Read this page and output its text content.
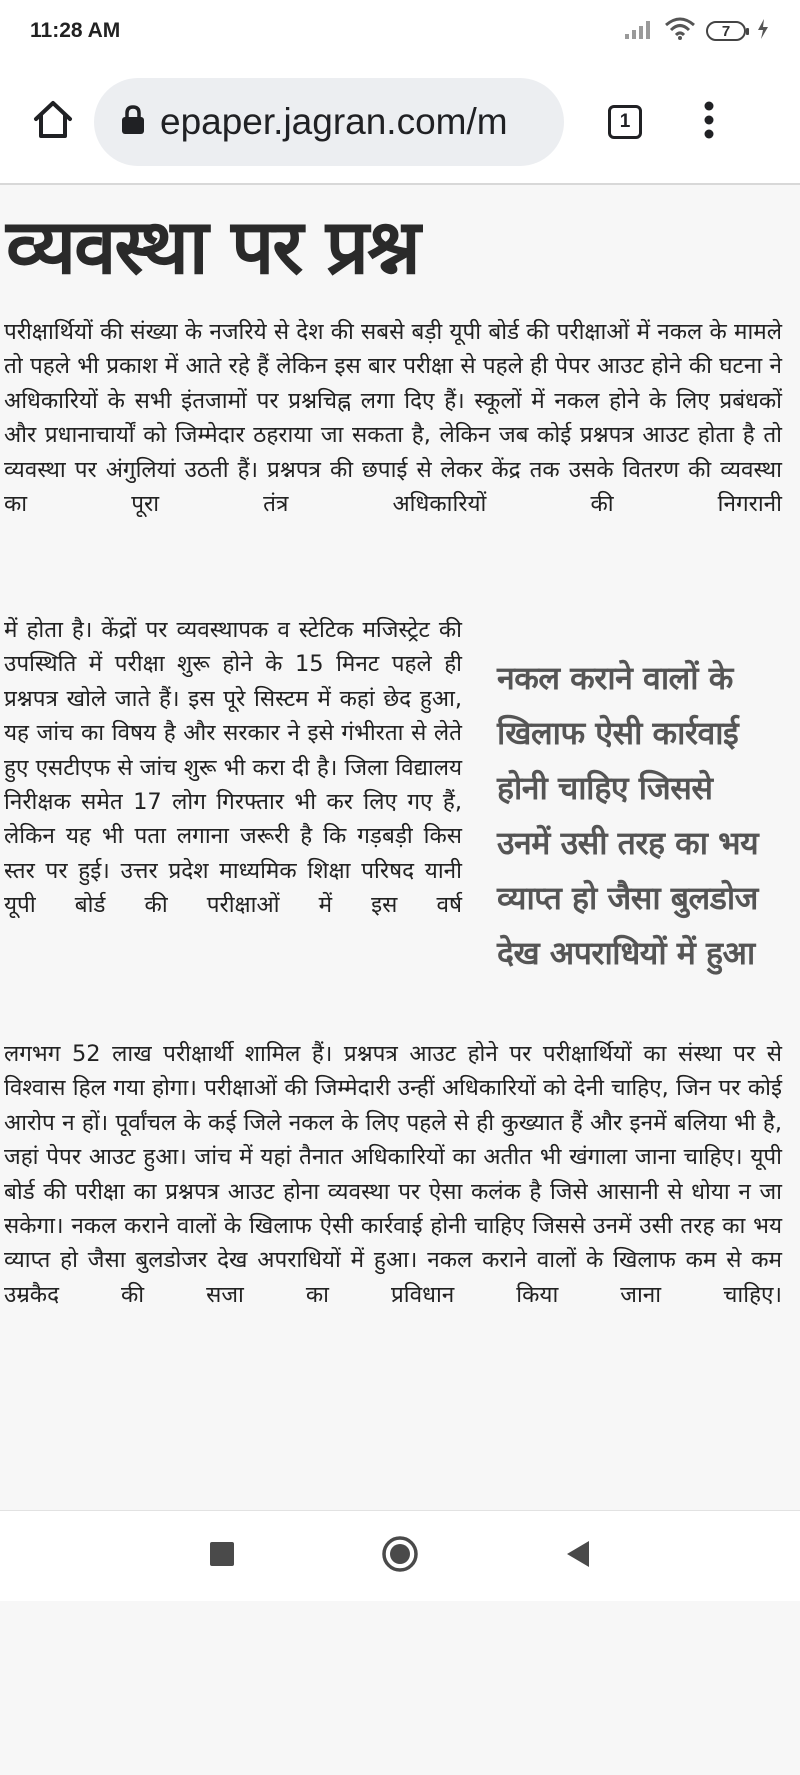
11:28 AM	7
epaper.jagran.com/m	1
व्यवस्था पर प्रश्न
परीक्षार्थियों की संख्या के नजरिये से देश की सबसे बड़ी यूपी बोर्ड की परीक्षाओं में नकल के मामले तो पहले भी प्रकाश में आते रहे हैं लेकिन इस बार परीक्षा से पहले ही पेपर आउट होने की घटना ने अधिकारियों के सभी इंतजामों पर प्रश्नचिह्न लगा दिए हैं। स्कूलों में नकल होने के लिए प्रबंधकों और प्रधानाचार्यों को जिम्मेदार ठहराया जा सकता है, लेकिन जब कोई प्रश्नपत्र आउट होता है तो व्यवस्था पर अंगुलियां उठती हैं। प्रश्नपत्र की छपाई से लेकर केंद्र तक उसके वितरण की व्यवस्था का पूरा तंत्र अधिकारियों की निगरानी
में होता है। केंद्रों पर व्यवस्थापक व स्टेटिक मजिस्ट्रेट की उपस्थिति में परीक्षा शुरू होने के 15 मिनट पहले ही प्रश्नपत्र खोले जाते हैं। इस पूरे सिस्टम में कहां छेद हुआ, यह जांच का विषय है और सरकार ने इसे गंभीरता से लेते हुए एसटीएफ से जांच शुरू भी करा दी है। जिला विद्यालय निरीक्षक समेत 17 लोग गिरफ्तार भी कर लिए गए हैं, लेकिन यह भी पता लगाना जरूरी है कि गड़बड़ी किस स्तर पर हुई। उत्तर प्रदेश माध्यमिक शिक्षा परिषद यानी यूपी बोर्ड की परीक्षाओं में इस वर्ष
नकल कराने वालों के
खिलाफ ऐसी कार्रवाई
होनी चाहिए जिससे
उनमें उसी तरह का भय
व्याप्त हो जैसा बुलडोज
देख अपराधियों में हुआ
लगभग 52 लाख परीक्षार्थी शामिल हैं। प्रश्नपत्र आउट होने पर परीक्षार्थियों का संस्था पर से विश्वास हिल गया होगा। परीक्षाओं की जिम्मेदारी उन्हीं अधिकारियों को देनी चाहिए, जिन पर कोई आरोप न हों। पूर्वांचल के कई जिले नकल के लिए पहले से ही कुख्यात हैं और इनमें बलिया भी है, जहां पेपर आउट हुआ। जांच में यहां तैनात अधिकारियों का अतीत भी खंगाला जाना चाहिए। यूपी बोर्ड की परीक्षा का प्रश्नपत्र आउट होना व्यवस्था पर ऐसा कलंक है जिसे आसानी से धोया न जा सकेगा। नकल कराने वालों के खिलाफ ऐसी कार्रवाई होनी चाहिए जिससे उनमें उसी तरह का भय व्याप्त हो जैसा बुलडोजर देख अपराधियों में हुआ। नकल कराने वालों के खिलाफ कम से कम उम्रकैद की सजा का प्रविधान किया जाना चाहिए।
